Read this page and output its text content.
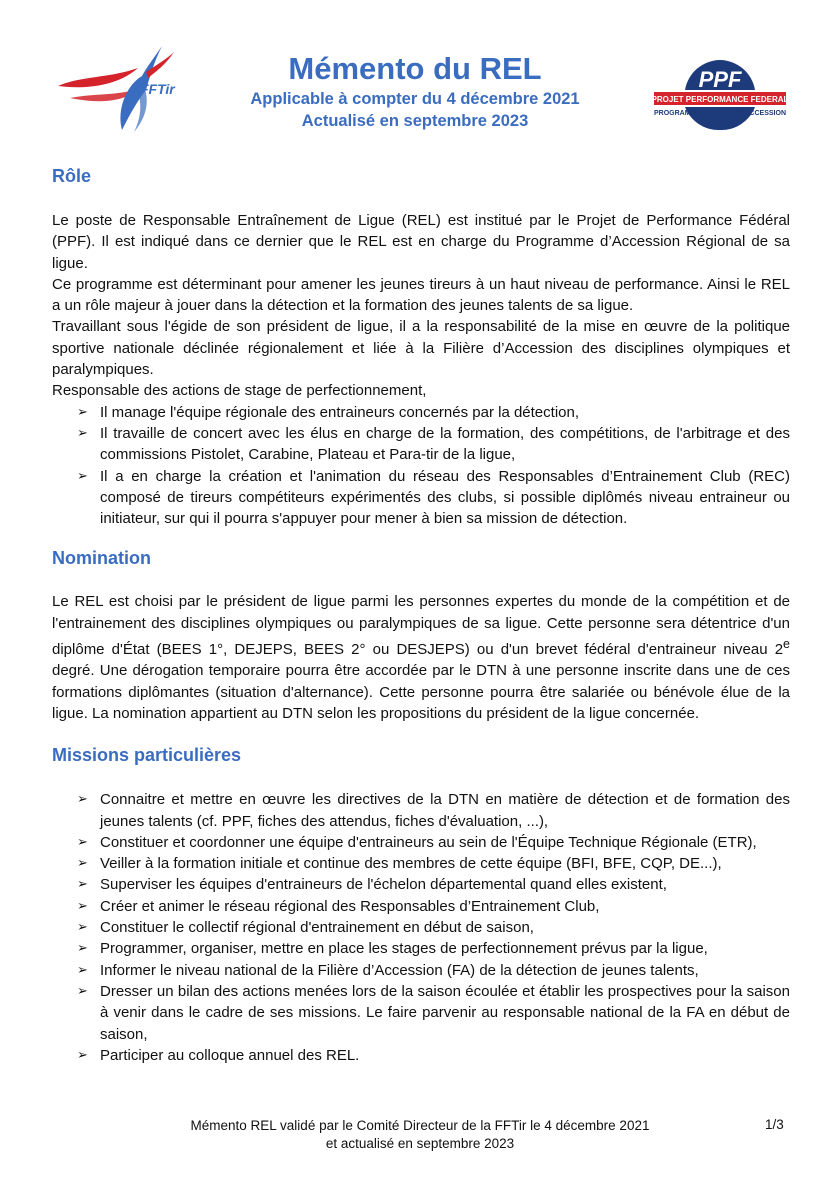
FFTir
Mémento du REL
Applicable à compter du 4 décembre 2021
Actualisé en septembre 2023
PPF
PROJET PERFORMANCE FEDERAL
PROGRAMME	D'ACCESSION
Rôle

Le poste de Responsable Entraînement de Ligue (REL) est institué par le Projet de Performance Fédéral (PPF). Il est indiqué dans ce dernier que le REL est en charge du Programme d’Accession Régional de sa ligue.

Ce programme est déterminant pour amener les jeunes tireurs à un haut niveau de performance. Ainsi le REL a un rôle majeur à jouer dans la détection et la formation des jeunes talents de sa ligue.

Travaillant sous l'égide de son président de ligue, il a la responsabilité de la mise en œuvre de la politique sportive nationale déclinée régionalement et liée à la Filière d’Accession des disciplines olympiques et paralympiques.

Responsable des actions de stage de perfectionnement,

➢ Il manage l'équipe régionale des entraineurs concernés par la détection,
➢ Il travaille de concert avec les élus en charge de la formation, des compétitions, de l'arbitrage et des commissions Pistolet, Carabine, Plateau et Para-tir de la ligue,
➢ Il a en charge la création et l'animation du réseau des Responsables d’Entrainement Club (REC) composé de tireurs compétiteurs expérimentés des clubs, si possible diplômés niveau entraineur ou initiateur, sur qui il pourra s'appuyer pour mener à bien sa mission de détection.
Nomination

Le REL est choisi par le président de ligue parmi les personnes expertes du monde de la compétition et de l'entrainement des disciplines olympiques ou paralympiques de sa ligue. Cette personne sera détentrice d'un diplôme d'État (BEES 1°, DEJEPS, BEES 2° ou DESJEPS) ou d'un brevet fédéral d'entraineur niveau 2e degré. Une dérogation temporaire pourra être accordée par le DTN à une personne inscrite dans une de ces formations diplômantes (situation d'alternance). Cette personne pourra être salariée ou bénévole élue de la ligue. La nomination appartient au DTN selon les propositions du président de la ligue concernée.

Missions particulières
➢ Connaitre et mettre en œuvre les directives de la DTN en matière de détection et de formation des jeunes talents (cf. PPF, fiches des attendus, fiches d'évaluation, ...),
➢ Constituer et coordonner une équipe d'entraineurs au sein de l'Équipe Technique Régionale (ETR),
➢ Veiller à la formation initiale et continue des membres de cette équipe (BFI, BFE, CQP, DE...),
➢ Superviser les équipes d'entraineurs de l'échelon départemental quand elles existent,
➢ Créer et animer le réseau régional des Responsables d’Entrainement Club,
➢ Constituer le collectif régional d'entrainement en début de saison,
➢ Programmer, organiser, mettre en place les stages de perfectionnement prévus par la ligue,
➢ Informer le niveau national de la Filière d’Accession (FA) de la détection de jeunes talents,
➢ Dresser un bilan des actions menées lors de la saison écoulée et établir les prospectives pour la saison à venir dans le cadre de ses missions. Le faire parvenir au responsable national de la FA en début de saison,
➢ Participer au colloque annuel des REL.
Mémento REL validé par le Comité Directeur de la FFTir le 4 décembre 2021
et actualisé en septembre 2023
1/3
